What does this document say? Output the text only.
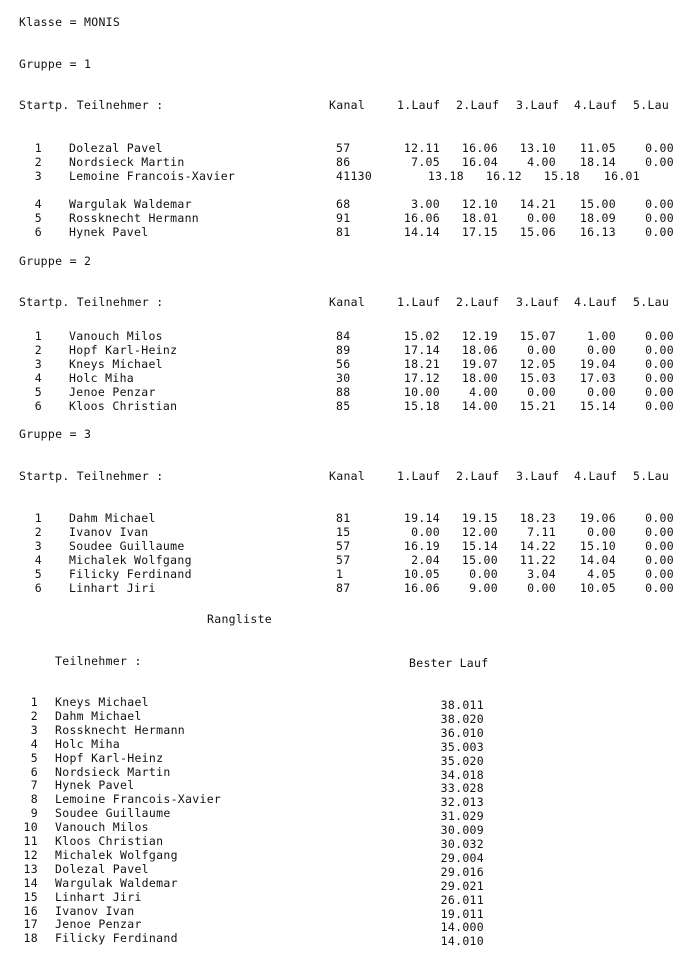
Klasse = MONIS
Gruppe = 1
Startp. Teilnehmer :	Kanal	1.Lauf 2.Lauf 3.Lauf 4.Lauf 5.Lau
1 Dolezal Pavel	57	12.11	16.06	13.10	11.05	0.00
2 Nordsieck Martin	86	7.05	16.04	4.00	18.14	0.00
3 Lemoine Francois-Xavier	41130	13.18	16.12	15.18	16.01
4 Wargulak Waldemar	68	3.00	12.10	14.21	15.00	0.00
5 Rossknecht Hermann	91	16.06	18.01	0.00	18.09	0.00
6 Hynek Pavel	81	14.14	17.15	15.06	16.13	0.00
Gruppe = 2
Startp. Teilnehmer :	Kanal	1.Lauf 2.Lauf 3.Lauf 4.Lauf 5.Lau
1 Vanouch Milos	84	15.02	12.19	15.07	1.00	0.00
2 Hopf Karl-Heinz	89	17.14	18.06	0.00	0.00	0.00
3 Kneys Michael	56	18.21	19.07	12.05	19.04	0.00
4 Holc Miha	30	17.12	18.00	15.03	17.03	0.00
5 Jenoe Penzar	88	10.00	4.00	0.00	0.00	0.00
6 Kloos Christian	85	15.18	14.00	15.21	15.14	0.00
Gruppe = 3
Startp. Teilnehmer :	Kanal	1.Lauf 2.Lauf 3.Lauf 4.Lauf 5.Lau
1 Dahm Michael	81	19.14	19.15	18.23	19.06	0.00
2 Ivanov Ivan	15	0.00	12.00	7.11	0.00	0.00
3 Soudee Guillaume	57	16.19	15.14	14.22	15.10	0.00
4 Michalek Wolfgang	57	2.04	15.00	11.22	14.04	0.00
5 Filicky Ferdinand	1	10.05	0.00	3.04	4.05	0.00
6 Linhart Jiri	87	16.06	9.00	0.00	10.05	0.00
Rangliste
Teilnehmer :	Bester Lauf
1 Kneys Michael	38.011
2 Dahm Michael	38.020
3 Rossknecht Hermann	36.010
4 Holc Miha	35.003
5 Hopf Karl-Heinz	35.020
6 Nordsieck Martin	34.018
7 Hynek Pavel	33.028
8 Lemoine Francois-Xavier	32.013
9 Soudee Guillaume	31.029
10 Vanouch Milos	30.009
11 Kloos Christian	30.032
12 Michalek Wolfgang	29.004
13 Dolezal Pavel	29.016
14 Wargulak Waldemar	29.021
15 Linhart Jiri	26.011
16 Ivanov Ivan	19.011
17 Jenoe Penzar	14.000
18 Filicky Ferdinand	14.010
